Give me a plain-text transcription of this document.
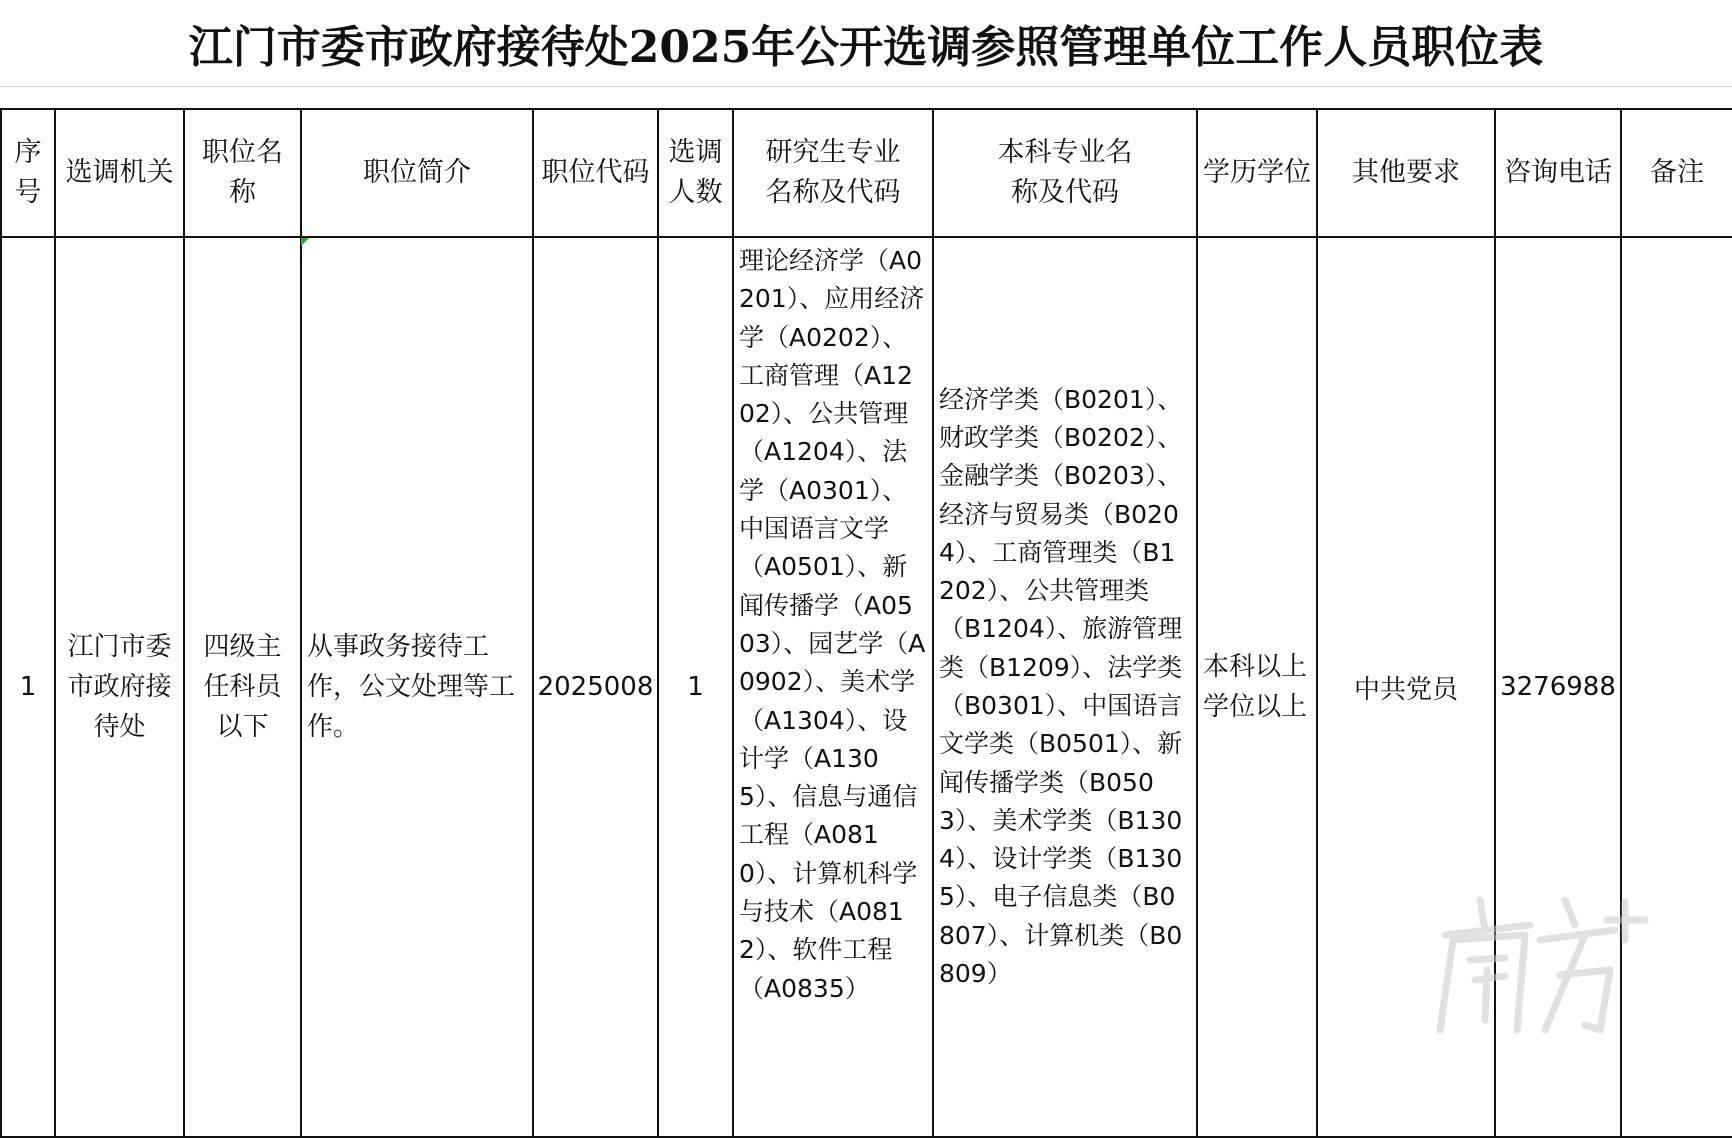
江门市委市政府接待处2025年公开选调参照管理单位工作人员职位表
序号	选调机关	职位名称	职位简介	职位代码	选调人数	研究生专业名称及代码	本科专业名称及代码	学历学位	其他要求	咨询电话	备注

1	江门市委市政府接待处	四级主任科员以下	从事政务接待工作，公文处理等工作。	2025008	1	理论经济学（A0201）、应用经济学（A0202）、工商管理（A1202）、公共管理（A1204）、法学（A0301）、中国语言文学（A0501）、新闻传播学（A0503）、园艺学（A0902）、美术学（A1304）、设计学（A1305）、信息与通信工程（A0810）、计算机科学与技术（A0812）、软件工程（A0835）	经济学类（B0201）、财政学类（B0202）、金融学类（B0203）、经济与贸易类（B0204）、工商管理类（B1202）、公共管理类（B1204）、旅游管理类（B1209）、法学类（B0301）、中国语言文学类（B0501）、新闻传播学类（B0503）、美术学类（B1304）、设计学类（B1305）、电子信息类（B0807）、计算机类（B0809）	本科以上学位以上	中共党员	3276988	
